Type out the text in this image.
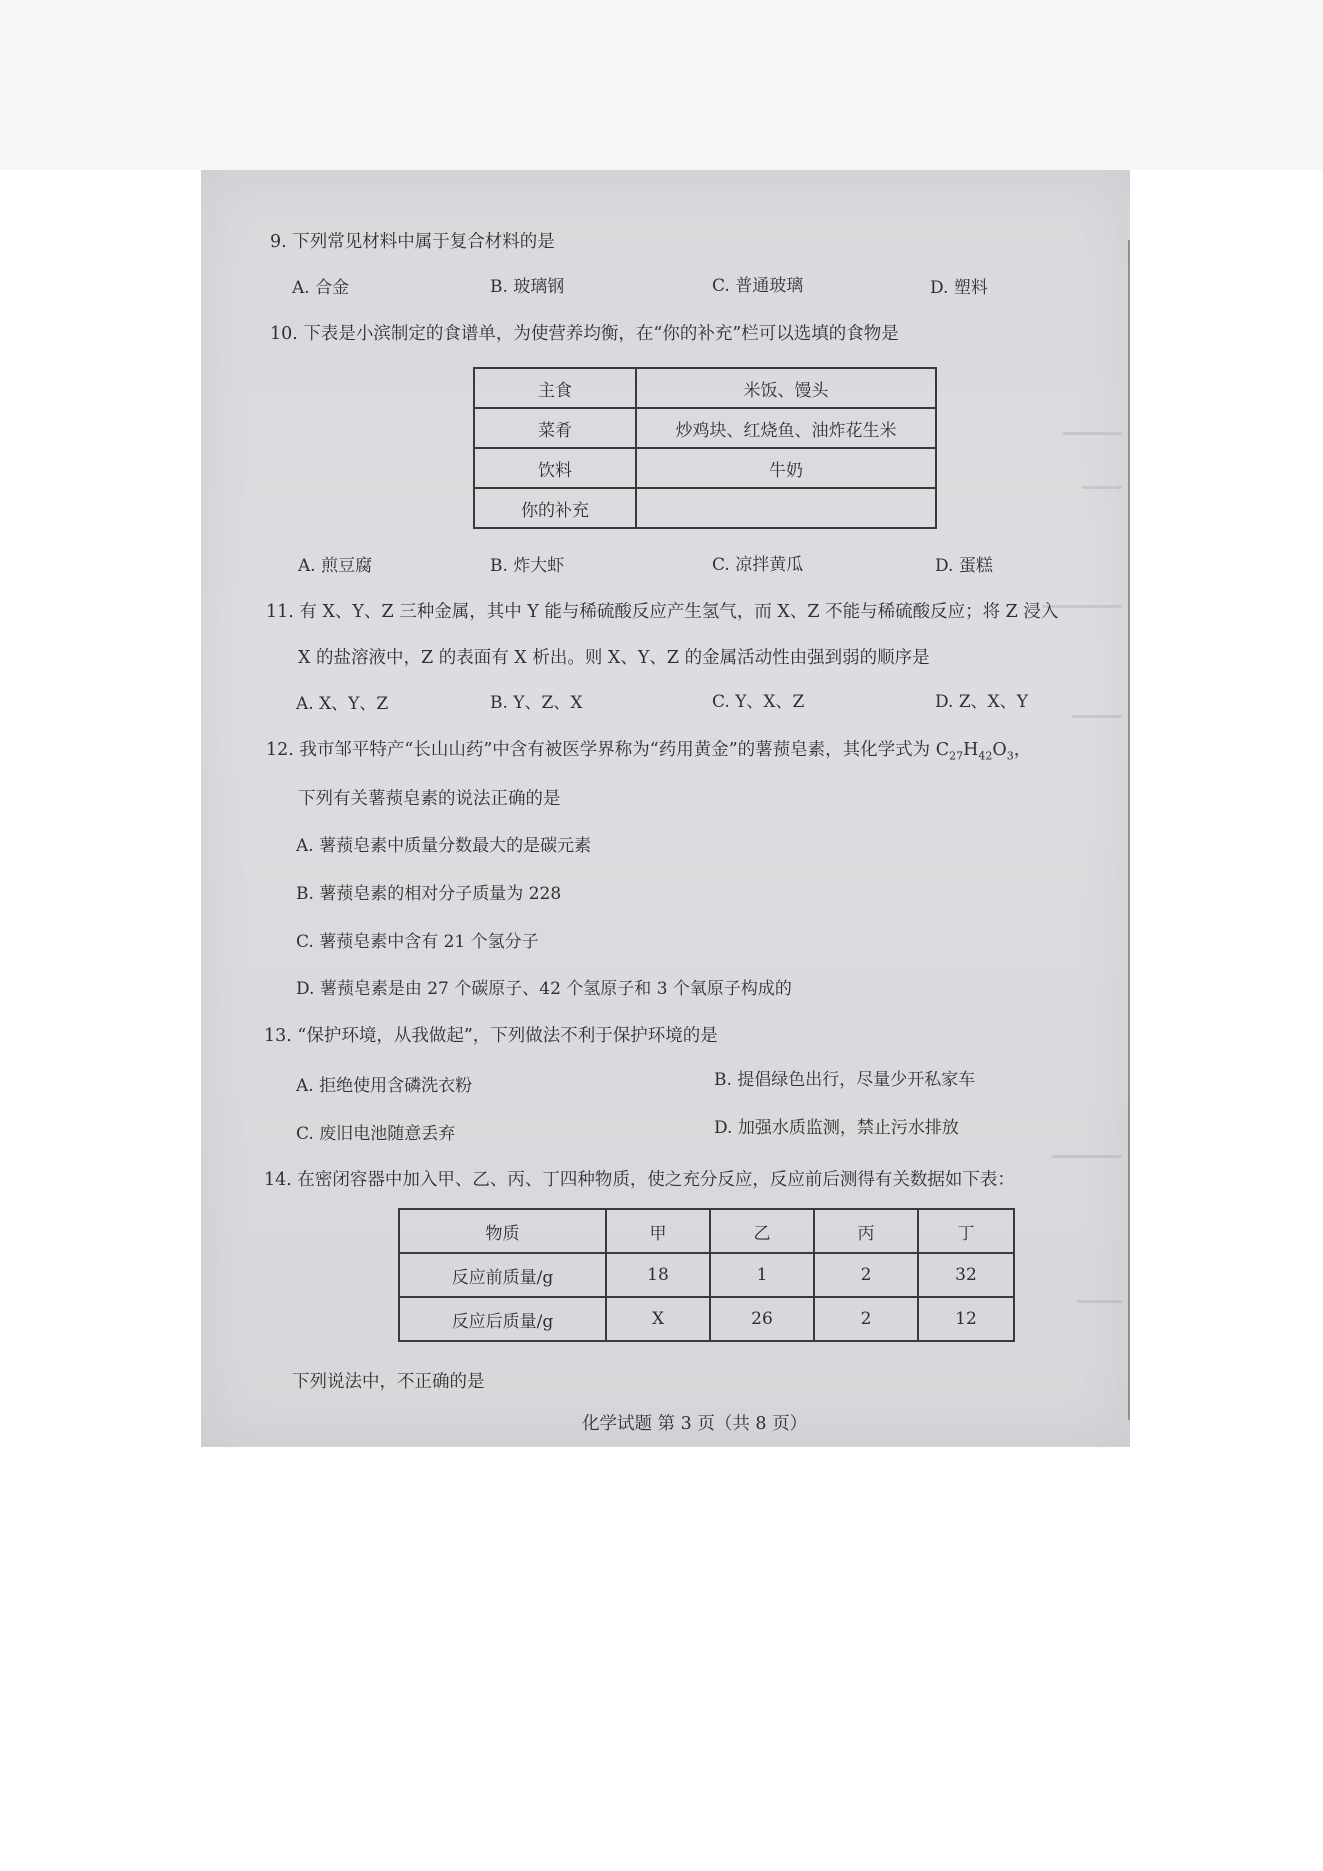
9. 下列常见材料中属于复合材料的是
A. 合金	B. 玻璃钢	C. 普通玻璃	D. 塑料
10. 下表是小滨制定的食谱单，为使营养均衡，在“你的补充”栏可以选填的食物是
主食	米饭、馒头
菜肴	炒鸡块、红烧鱼、油炸花生米
饮料	牛奶
你的补充	
A. 煎豆腐	B. 炸大虾	C. 凉拌黄瓜	D. 蛋糕
11. 有 X、Y、Z 三种金属，其中 Y 能与稀硫酸反应产生氢气，而 X、Z 不能与稀硫酸反应；将 Z 浸入
X 的盐溶液中，Z 的表面有 X 析出。则 X、Y、Z 的金属活动性由强到弱的顺序是
A. X、Y、Z	B. Y、Z、X	C. Y、X、Z	D. Z、X、Y
12. 我市邹平特产“长山山药”中含有被医学界称为“药用黄金”的薯蓣皂素，其化学式为 $C_{27}H_{42}O_3$，
下列有关薯蓣皂素的说法正确的是
A. 薯蓣皂素中质量分数最大的是碳元素
B. 薯蓣皂素的相对分子质量为 228
C. 薯蓣皂素中含有 21 个氢分子
D. 薯蓣皂素是由 27 个碳原子、42 个氢原子和 3 个氧原子构成的
13. “保护环境，从我做起”，下列做法不利于保护环境的是
A. 拒绝使用含磷洗衣粉	B. 提倡绿色出行，尽量少开私家车
C. 废旧电池随意丢弃	D. 加强水质监测，禁止污水排放
14. 在密闭容器中加入甲、乙、丙、丁四种物质，使之充分反应，反应前后测得有关数据如下表：
物质	甲	乙	丙	丁
反应前质量/g	18	1	2	32
反应后质量/g	X	26	2	12
下列说法中，不正确的是
化学试题 第 3 页（共 8 页）
